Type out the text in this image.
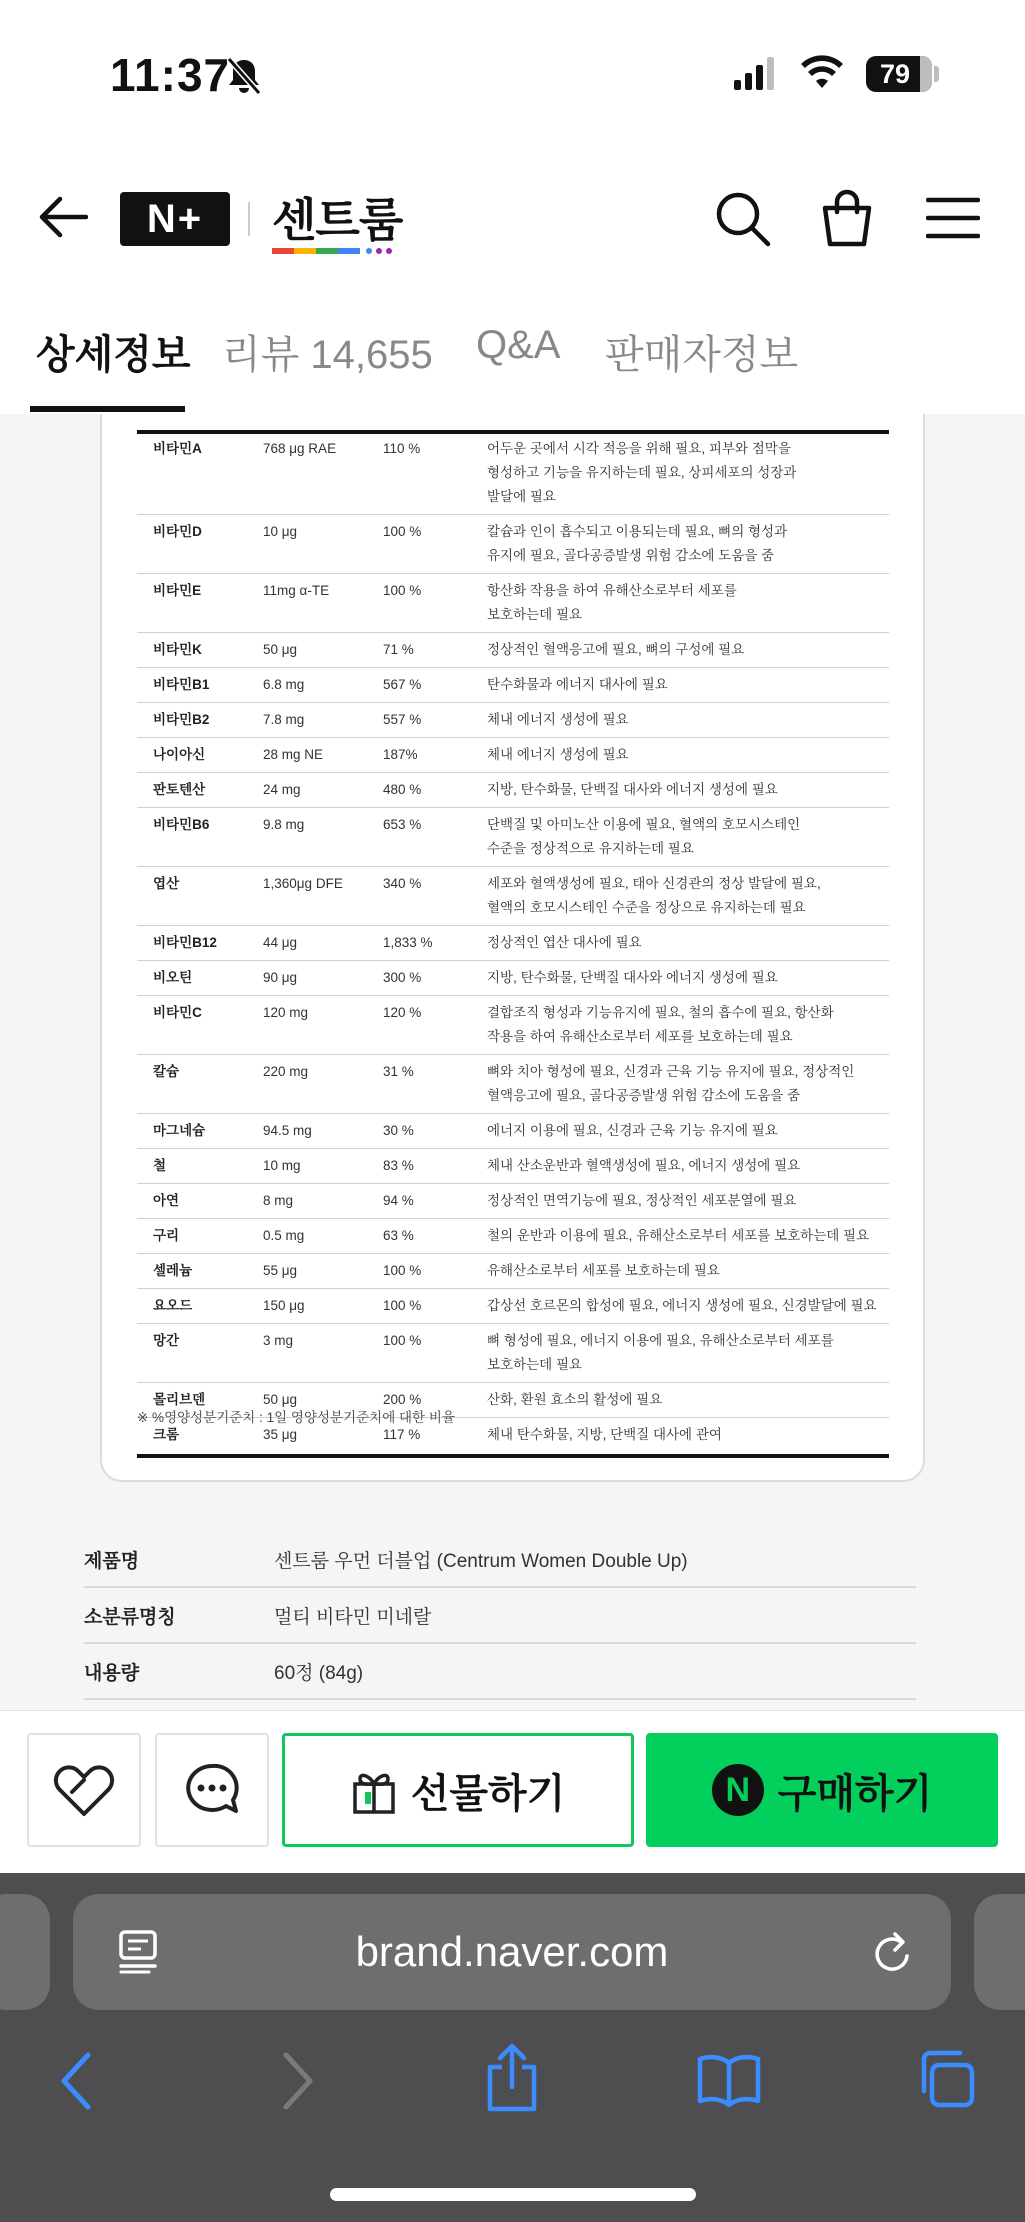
11:37	79
N+ 센트룸
상세정보 리뷰 14,655 Q&A 판매자정보
비타민A	768 μg RAE	110 %	어두운 곳에서 시각 적응을 위해 필요, 피부와 점막을
형성하고 기능을 유지하는데 필요, 상피세포의 성장과
발달에 필요

비타민D	10 μg	100 %	칼슘과 인이 흡수되고 이용되는데 필요, 뼈의 형성과
유지에 필요, 골다공증발생 위험 감소에 도움을 줌

비타민E	11mg α-TE	100 %	항산화 작용을 하여 유해산소로부터 세포를
보호하는데 필요

비타민K	50 μg	71 %	정상적인 혈액응고에 필요, 뼈의 구성에 필요

비타민B1	6.8 mg	567 %	탄수화물과 에너지 대사에 필요

비타민B2	7.8 mg	557 %	체내 에너지 생성에 필요

나이아신	28 mg NE	187%	체내 에너지 생성에 필요

판토텐산	24 mg	480 %	지방, 탄수화물, 단백질 대사와 에너지 생성에 필요

비타민B6	9.8 mg	653 %	단백질 및 아미노산 이용에 필요, 혈액의 호모시스테인
수준을 정상적으로 유지하는데 필요

엽산	1,360μg DFE	340 %	세포와 혈액생성에 필요, 태아 신경관의 정상 발달에 필요,
혈액의 호모시스테인 수준을 정상으로 유지하는데 필요

비타민B12	44 μg	1,833 %	정상적인 엽산 대사에 필요

비오틴	90 μg	300 %	지방, 탄수화물, 단백질 대사와 에너지 생성에 필요

비타민C	120 mg	120 %	결합조직 형성과 기능유지에 필요, 철의 흡수에 필요, 항산화
작용을 하여 유해산소로부터 세포를 보호하는데 필요

칼슘	220 mg	31 %	뼈와 치아 형성에 필요, 신경과 근육 기능 유지에 필요, 정상적인
혈액응고에 필요, 골다공증발생 위험 감소에 도움을 줌

마그네슘	94.5 mg	30 %	에너지 이용에 필요, 신경과 근육 기능 유지에 필요

철	10 mg	83 %	체내 산소운반과 혈액생성에 필요, 에너지 생성에 필요

아연	8 mg	94 %	정상적인 면역기능에 필요, 정상적인 세포분열에 필요

구리	0.5 mg	63 %	철의 운반과 이용에 필요, 유해산소로부터 세포를 보호하는데 필요

셀레늄	55 μg	100 %	유해산소로부터 세포를 보호하는데 필요

요오드	150 μg	100 %	갑상선 호르몬의 합성에 필요, 에너지 생성에 필요, 신경발달에 필요

망간	3 mg	100 %	뼈 형성에 필요, 에너지 이용에 필요, 유해산소로부터 세포를
보호하는데 필요

몰리브덴	50 μg	200 %	산화, 환원 효소의 활성에 필요

크롬	35 μg	117 %	체내 탄수화물, 지방, 단백질 대사에 관여
※ %영양성분기준치 : 1일 영양성분기준치에 대한 비율
제품명	센트룸 우먼 더블업 (Centrum Women Double Up)
소분류명칭	멀티 비타민 미네랄
내용량	60정 (84g)
선물하기	N 구매하기
brand.naver.com
